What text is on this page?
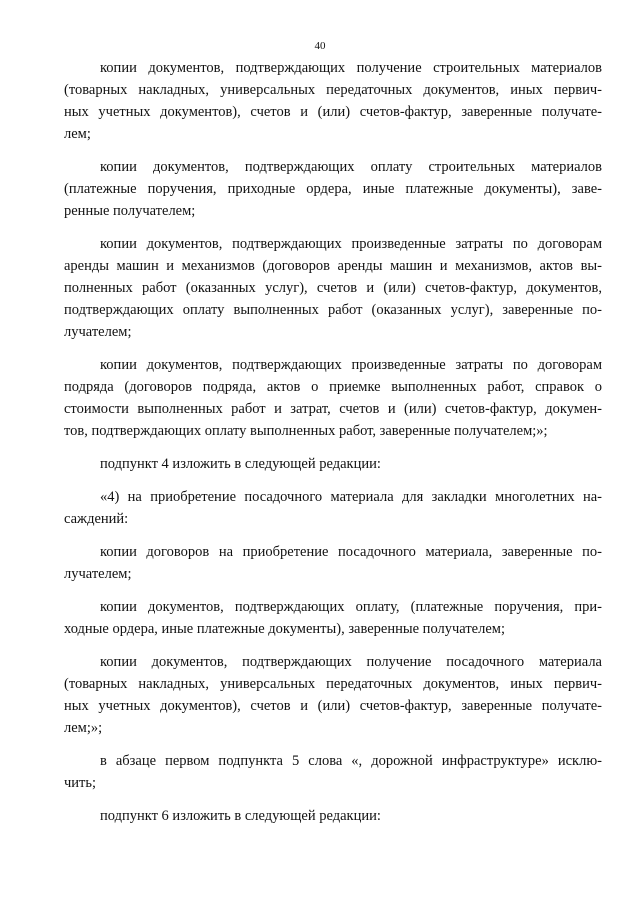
40

копии документов, подтверждающих получение строительных материалов
(товарных накладных, универсальных передаточных документов, иных первич-
ных учетных документов), счетов и (или) счетов-фактур, заверенные получате-
лем;

копии документов, подтверждающих оплату строительных материалов
(платежные поручения, приходные ордера, иные платежные документы), заве-
ренные получателем;

копии документов, подтверждающих произведенные затраты по договорам
аренды машин и механизмов (договоров аренды машин и механизмов, актов вы-
полненных работ (оказанных услуг), счетов и (или) счетов-фактур, документов,
подтверждающих оплату выполненных работ (оказанных услуг), заверенные по-
лучателем;

копии документов, подтверждающих произведенные затраты по договорам
подряда (договоров подряда, актов о приемке выполненных работ, справок о
стоимости выполненных работ и затрат, счетов и (или) счетов-фактур, докумен-
тов, подтверждающих оплату выполненных работ, заверенные получателем;»;

подпункт 4 изложить в следующей редакции:

«4) на приобретение посадочного материала для закладки многолетних на-
саждений:

копии договоров на приобретение посадочного материала, заверенные по-
лучателем;

копии документов, подтверждающих оплату, (платежные поручения, при-
ходные ордера, иные платежные документы), заверенные получателем;

копии документов, подтверждающих получение посадочного материала
(товарных накладных, универсальных передаточных документов, иных первич-
ных учетных документов), счетов и (или) счетов-фактур, заверенные получате-
лем;»;

в абзаце первом подпункта 5 слова «, дорожной инфраструктуре» исклю-
чить;

подпункт 6 изложить в следующей редакции:
